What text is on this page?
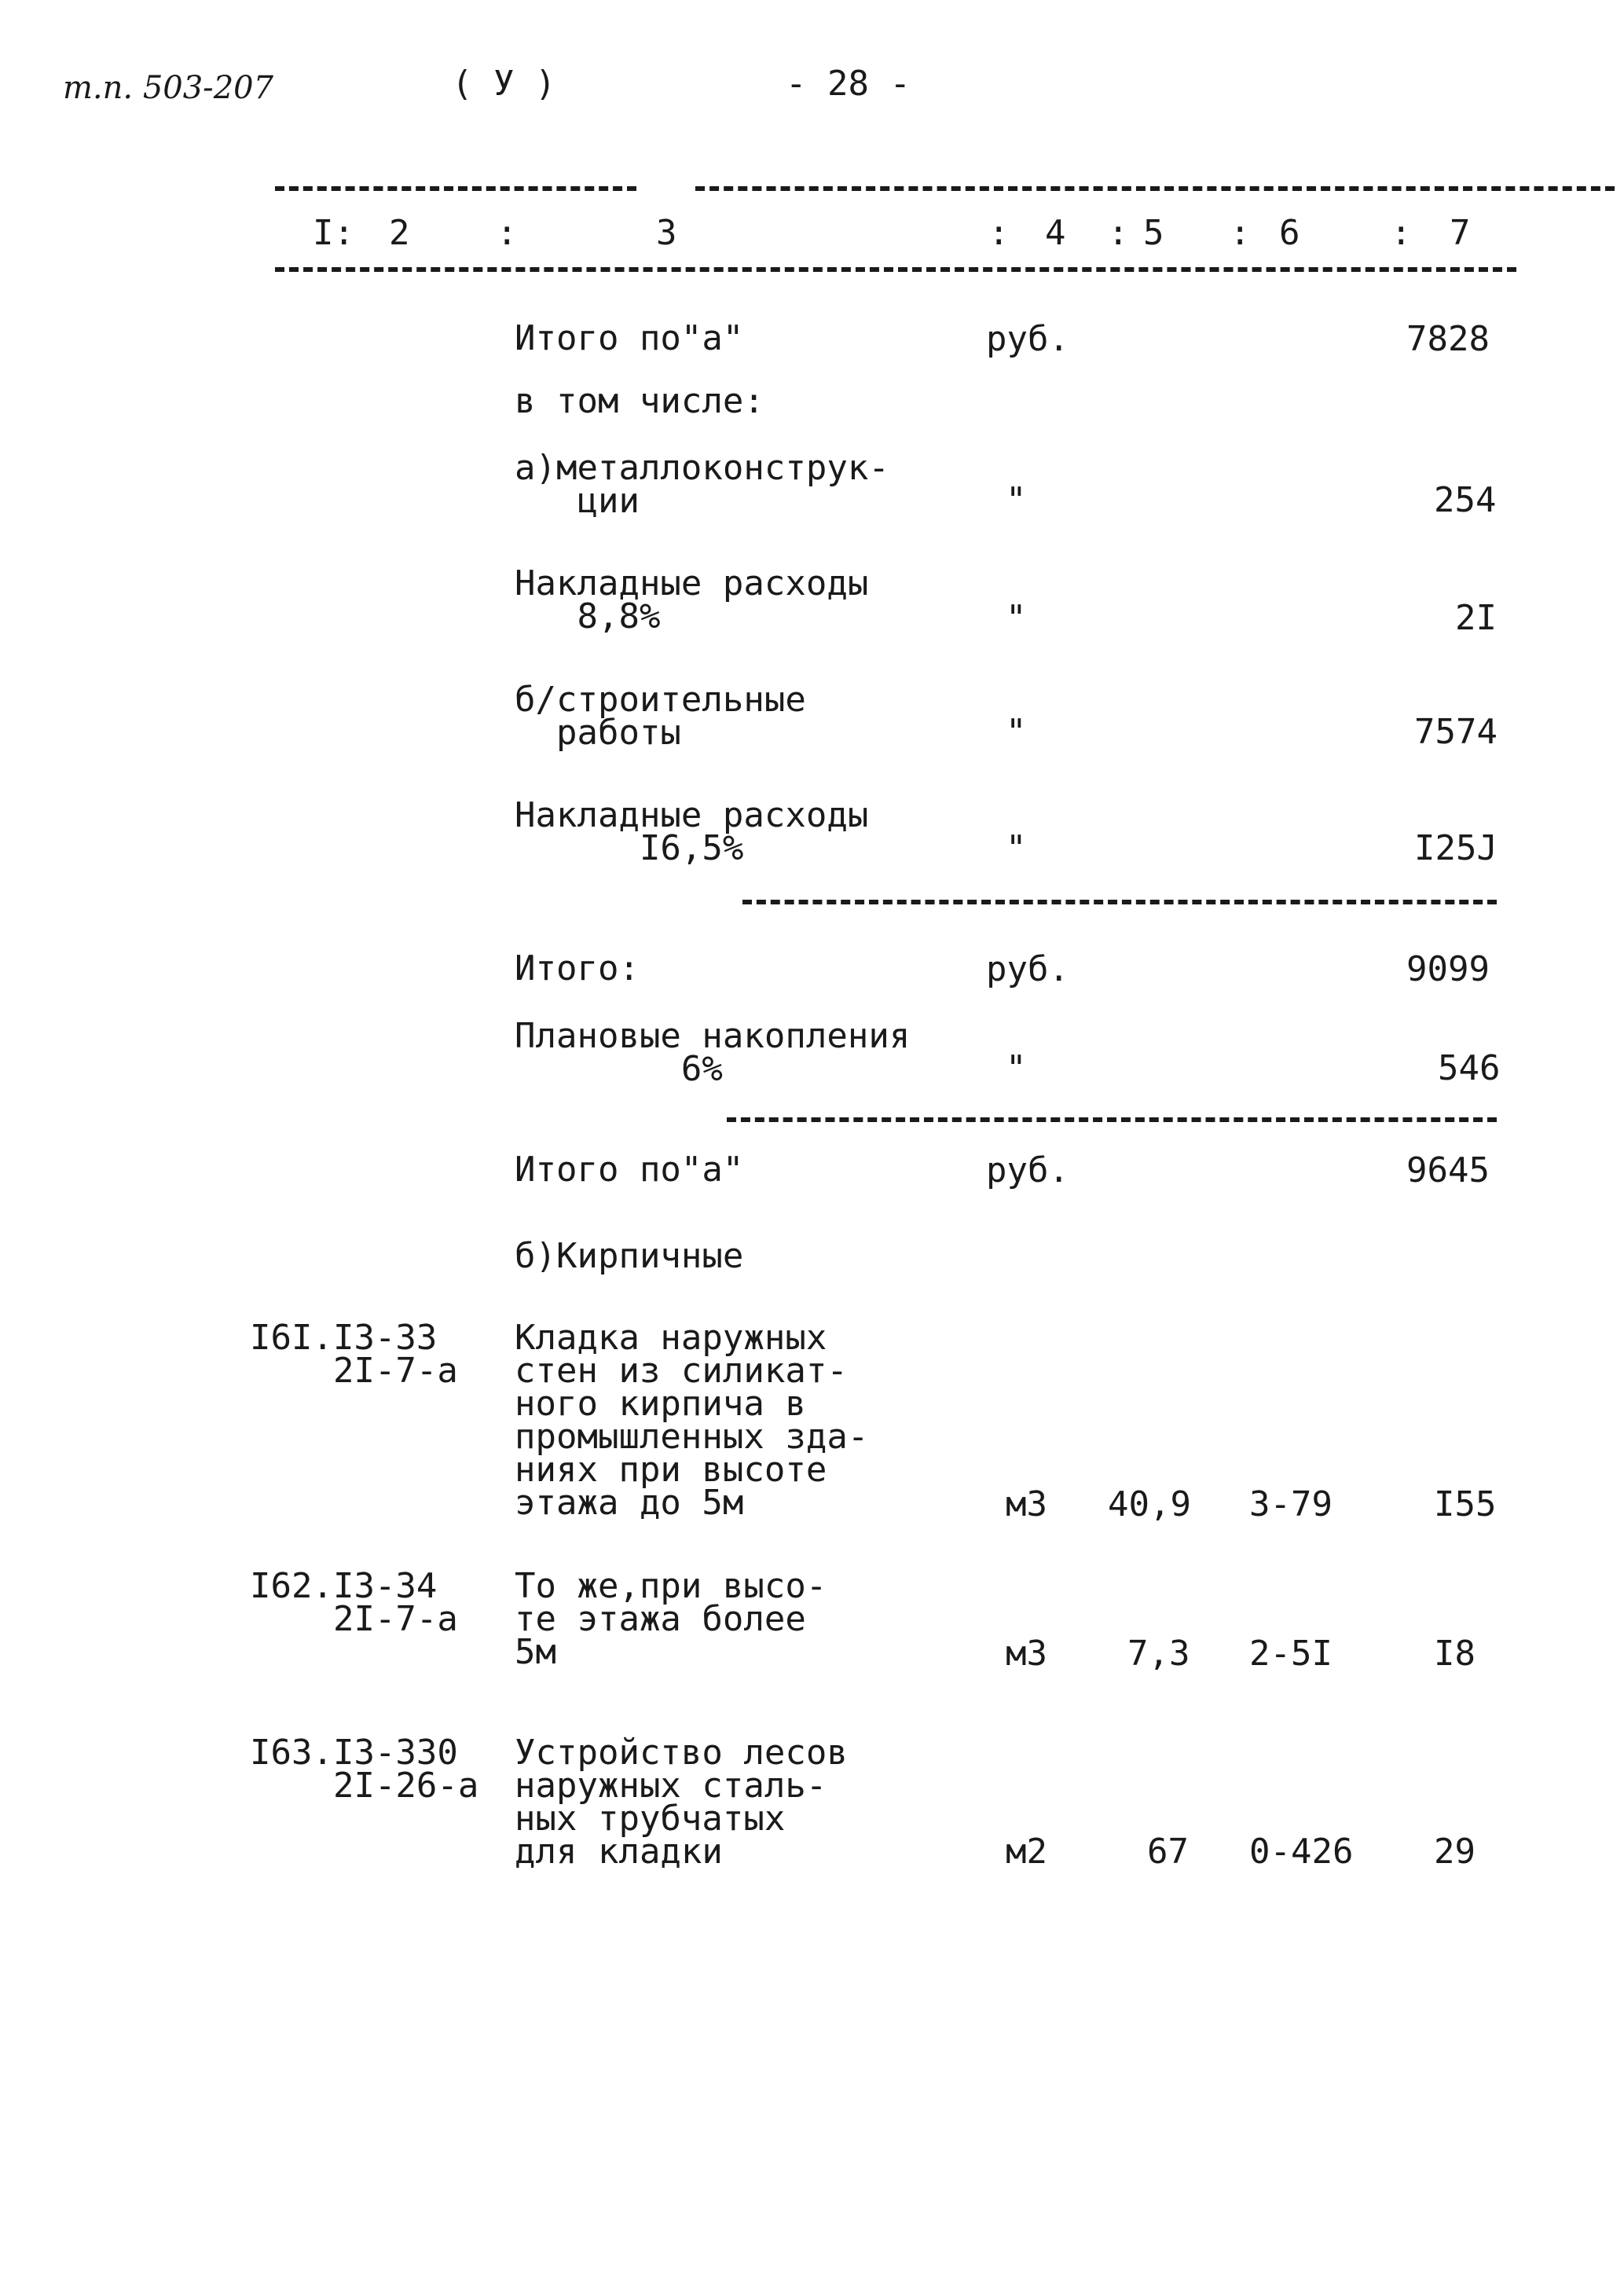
т.п. 503-207	( У )	- 28 -
I: 2	:	3	: 4 : 5 : 6	: 7
Итого по"а"	руб.	7828
в том числе:
а)металлоконструк-
ции	"	254
Накладные расходы
8,8%	"	2I
б/строительные
работы	"	7574
Накладные расходы
I6,5%	"	I25J
Итого:	руб.	9099
Плановые накопления
6%	"	546
Итого по"а"	руб.	9645
б)Кирпичные
I6I.I3-33
2I-7-а
Кладка наружных
стен из силикат-
ного кирпича в
промышленных зда-
ниях при высоте
этажа до 5м	м3 40,9 3-79	I55
I62.I3-34
2I-7-а
То же,при высо-
те этажа более
5м	м3 7,3 2-5I	I8
I63.I3-330
2I-26-а
Устройство лесов
наружных сталь-
ных трубчатых
для кладки	м2	67 0-426 29
